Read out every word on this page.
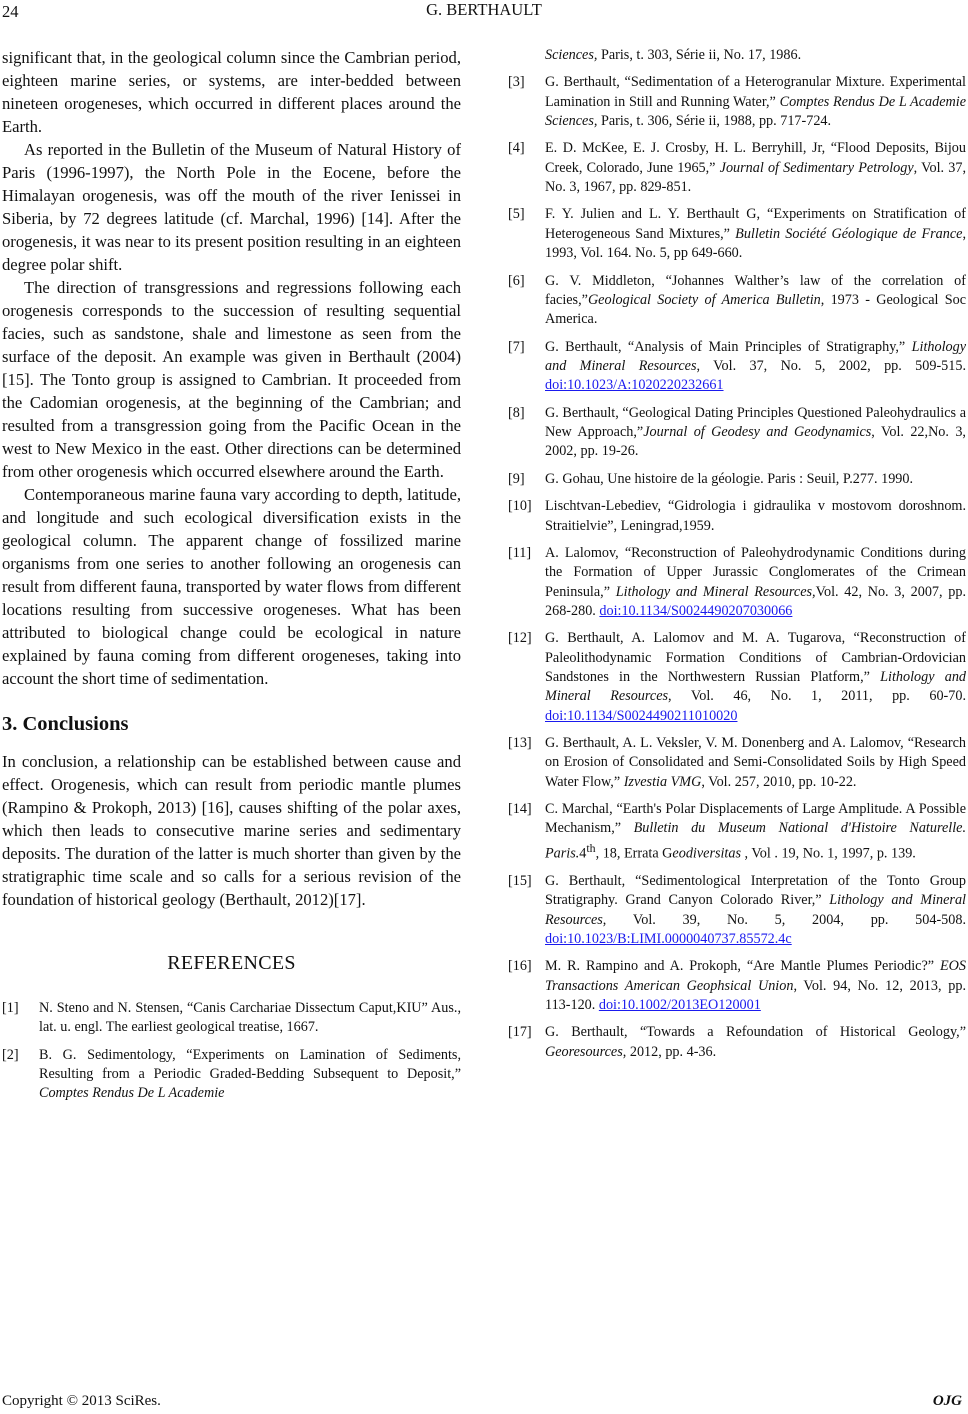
24	G. BERTHAULT

significant that, in the geological column since the Cambrian period, eighteen marine series, or systems, are inter-bedded between nineteen orogeneses, which occurred in different places around the Earth.

As reported in the Bulletin of the Museum of Natural History of Paris (1996-1997), the North Pole in the Eocene, before the Himalayan orogenesis, was off the mouth of the river Ienissei in Siberia, by 72 degrees latitude (cf. Marchal, 1996) [14]. After the orogenesis, it was near to its present position resulting in an eighteen degree polar shift.

The direction of transgressions and regressions following each orogenesis corresponds to the succession of resulting sequential facies, such as sandstone, shale and limestone as seen from the surface of the deposit. An example was given in Berthault (2004) [15]. The Tonto group is assigned to Cambrian. It proceeded from the Cadomian orogenesis, at the beginning of the Cambrian; and resulted from a transgression going from the Pacific Ocean in the west to New Mexico in the east. Other directions can be determined from other orogenesis which occurred elsewhere around the Earth.

Contemporaneous marine fauna vary according to depth, latitude, and longitude and such ecological diversification exists in the geological column. The apparent change of fossilized marine organisms from one series to another following an orogenesis can result from different fauna, transported by water flows from different locations resulting from successive orogeneses. What has been attributed to biological change could be ecological in nature explained by fauna coming from different orogeneses, taking into account the short time of sedimentation.

3. Conclusions

In conclusion, a relationship can be established between cause and effect. Orogenesis, which can result from periodic mantle plumes (Rampino & Prokoph, 2013) [16], causes shifting of the polar axes, which then leads to consecutive marine series and sedimentary deposits. The duration of the latter is much shorter than given by the stratigraphic time scale and so calls for a serious revision of the foundation of historical geology (Berthault, 2012)[17].

REFERENCES
[1] N. Steno and N. Stensen, “Canis Carchariae Dissectum Caput,KIU” Aus., lat. u. engl. The earliest geological treatise, 1667.
[2] B. G. Sedimentology, “Experiments on Lamination of Sediments, Resulting from a Periodic Graded-Bedding Subsequent to Deposit,” Comptes Rendus De L Academie
Sciences, Paris, t. 303, Série ii, No. 17, 1986.
[3] G. Berthault, “Sedimentation of a Heterogranular Mixture. Experimental Lamination in Still and Running Water,” Comptes Rendus De L Academie Sciences, Paris, t. 306, Série ii, 1988, pp. 717-724.
[4] E. D. McKee, E. J. Crosby, H. L. Berryhill, Jr, “Flood Deposits, Bijou Creek, Colorado, June 1965,” Journal of Sedimentary Petrology, Vol. 37, No. 3, 1967, pp. 829-851.
[5] F. Y. Julien and L. Y. Berthault G, “Experiments on Stratification of Heterogeneous Sand Mixtures,” Bulletin Société Géologique de France, 1993, Vol. 164. No. 5, pp 649-660.
[6] G. V. Middleton, “Johannes Walther’s law of the correlation of facies,”Geological Society of America Bulletin, 1973 - Geological Soc America.
[7] G. Berthault, “Analysis of Main Principles of Stratigraphy,” Lithology and Mineral Resources, Vol. 37, No. 5, 2002, pp. 509-515. doi:10.1023/A:1020220232661
[8] G. Berthault, “Geological Dating Principles Questioned Paleohydraulics a New Approach,”Journal of Geodesy and Geodynamics, Vol. 22,No. 3, 2002, pp. 19-26.
[9] G. Gohau, Une histoire de la géologie. Paris : Seuil, P.277. 1990.
[10] Lischtvan-Lebediev, “Gidrologia i gidraulika v mostovom doroshnom. Straitielvie”, Leningrad,1959.
[11] A. Lalomov, “Reconstruction of Paleohydrodynamic Conditions during the Formation of Upper Jurassic Conglomerates of the Crimean Peninsula,” Lithology and Mineral Resources,Vol. 42, No. 3, 2007, pp. 268-280. doi:10.1134/S0024490207030066
[12] G. Berthault, A. Lalomov and M. A. Tugarova, “Reconstruction of Paleolithodynamic Formation Conditions of Cambrian-Ordovician Sandstones in the Northwestern Russian Platform,” Lithology and Mineral Resources, Vol. 46, No. 1, 2011, pp. 60-70. doi:10.1134/S0024490211010020
[13] G. Berthault, A. L. Veksler, V. M. Donenberg and A. Lalomov, “Research on Erosion of Consolidated and Semi-Consolidated Soils by High Speed Water Flow,” Izvestia VMG, Vol. 257, 2010, pp. 10-22.
[14] C. Marchal, “Earth's Polar Displacements of Large Amplitude. A Possible Mechanism,” Bulletin du Museum National d'Histoire Naturelle. Paris.4th, 18, Errata Geodiversitas , Vol . 19, No. 1, 1997, p. 139.
[15] G. Berthault, “Sedimentological Interpretation of the Tonto Group Stratigraphy. Grand Canyon Colorado River,” Lithology and Mineral Resources, Vol. 39, No. 5, 2004, pp. 504-508. doi:10.1023/B:LIMI.0000040737.85572.4c
[16] M. R. Rampino and A. Prokoph, “Are Mantle Plumes Periodic?” EOS Transactions American Geophsical Union, Vol. 94, No. 12, 2013, pp. 113-120. doi:10.1002/2013EO120001
[17] G. Berthault, “Towards a Refoundation of Historical Geology,” Georesources, 2012, pp. 4-36.
Copyright © 2013 SciRes.	OJG
